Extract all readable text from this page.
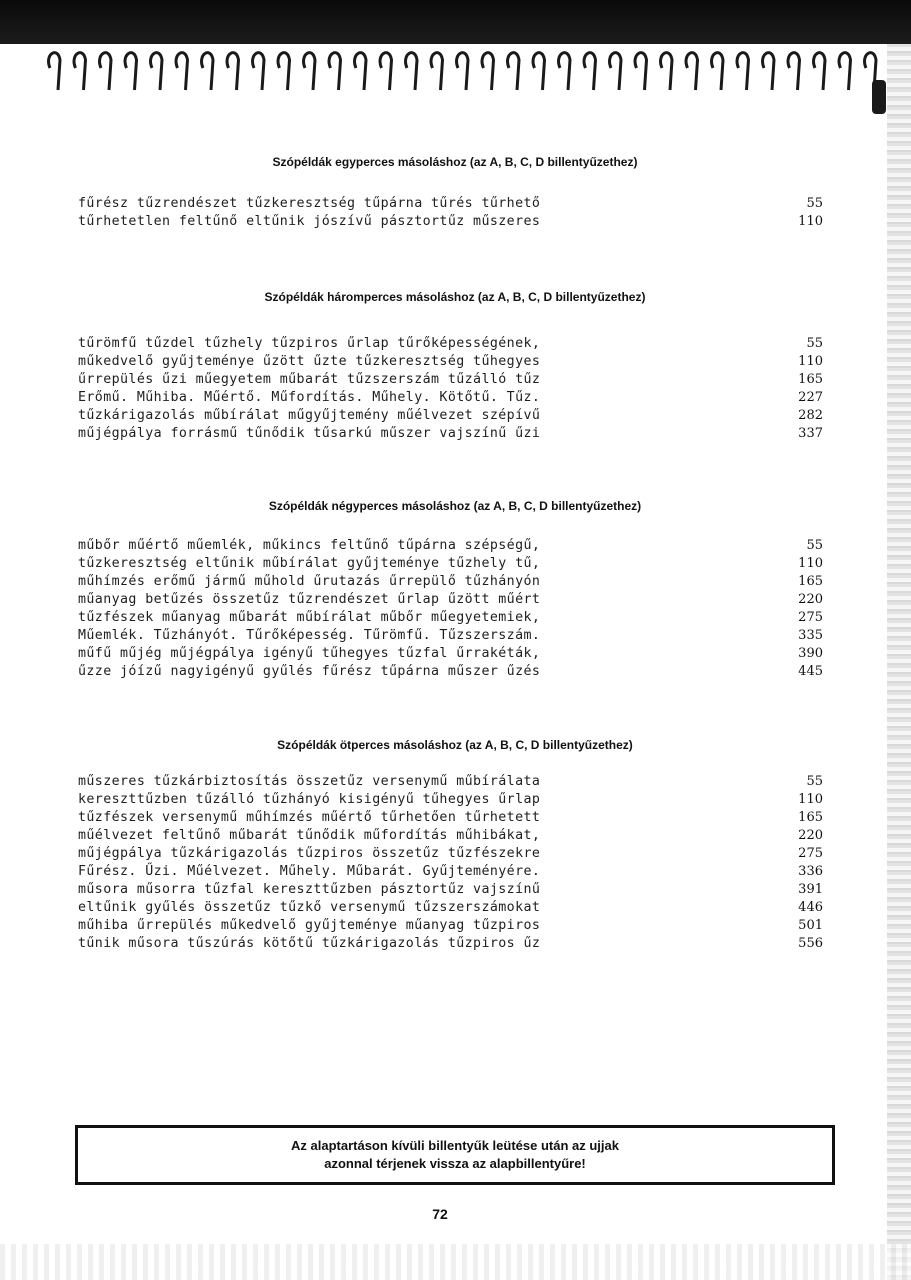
Szópéldák egyperces másoláshoz (az A, B, C, D billentyűzethez)
fűrész tűzrendészet tűzkeresztség tűpárna tűrés tűrhető	55
tűrhetetlen feltűnő eltűnik jószívű pásztortűz műszeres	110
Szópéldák háromperces másoláshoz (az A, B, C, D billentyűzethez)
tűrömfű tűzdel tűzhely tűzpiros űrlap tűrőképességének,	55
műkedvelő gyűjteménye űzött űzte tűzkeresztség tűhegyes	110
űrrepülés űzi műegyetem műbarát tűzszerszám tűzálló tűz	165
Erőmű. Műhiba. Műértő. Műfordítás. Műhely. Kötőtű. Tűz.	227
tűzkárigazolás műbírálat műgyűjtemény műélvezet szépívű	282
műjégpálya forrásmű tűnődik tűsarkú műszer vajszínű űzi	337
Szópéldák négyperces másoláshoz (az A, B, C, D billentyűzethez)
műbőr műértő műemlék, műkincs feltűnő tűpárna szépségű,	55
tűzkeresztség eltűnik műbírálat gyűjteménye tűzhely tű,	110
műhímzés erőmű jármű műhold űrutazás űrrepülő tűzhányón	165
műanyag betűzés összetűz tűzrendészet űrlap űzött műért	220
tűzfészek műanyag műbarát műbírálat műbőr műegyetemiek,	275
Műemlék. Tűzhányót. Tűrőképesség. Tűrömfű. Tűzszerszám.	335
műfű műjég műjégpálya igényű tűhegyes tűzfal űrrakéták,	390
űzze jóízű nagyigényű gyűlés fűrész tűpárna műszer űzés	445
Szópéldák ötperces másoláshoz (az A, B, C, D billentyűzethez)
műszeres tűzkárbiztosítás összetűz versenymű műbírálata	55
kereszttűzben tűzálló tűzhányó kisigényű tűhegyes űrlap	110
tűzfészek versenymű műhímzés műértő tűrhetően tűrhetett	165
műélvezet feltűnő műbarát tűnődik műfordítás műhibákat,	220
műjégpálya tűzkárigazolás tűzpiros összetűz tűzfészekre	275
Fűrész. Űzi. Műélvezet. Műhely. Műbarát. Gyűjteményére.	336
műsora műsorra tűzfal kereszttűzben pásztortűz vajszínű	391
eltűnik gyűlés összetűz tűzkő versenymű tűzszerszámokat	446
műhiba űrrepülés műkedvelő gyűjteménye műanyag tűzpiros	501
tűnik műsora tűszúrás kötőtű tűzkárigazolás tűzpiros űz	556
Az alaptartáson kívüli billentyűk leütése után az ujjak
azonnal térjenek vissza az alapbillentyűre!
72
